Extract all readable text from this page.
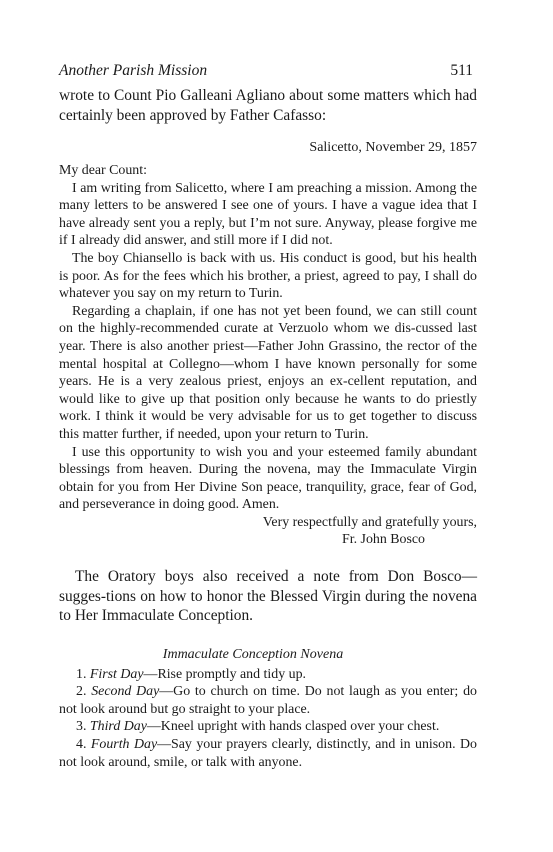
Another Parish Mission	511

wrote to Count Pio Galleani Agliano about some matters which had certainly been approved by Father Cafasso:

Salicetto, November 29, 1857
My dear Count:

I am writing from Salicetto, where I am preaching a mission. Among the many letters to be answered I see one of yours. I have a vague idea that I have already sent you a reply, but I’m not sure. Anyway, please forgive me if I already did answer, and still more if I did not.

The boy Chiansello is back with us. His conduct is good, but his health is poor. As for the fees which his brother, a priest, agreed to pay, I shall do whatever you say on my return to Turin.

Regarding a chaplain, if one has not yet been found, we can still count on the highly-recommended curate at Verzuolo whom we dis-cussed last year. There is also another priest—Father John Grassino, the rector of the mental hospital at Collegno—whom I have known personally for some years. He is a very zealous priest, enjoys an ex-cellent reputation, and would like to give up that position only because he wants to do priestly work. I think it would be very advisable for us to get together to discuss this matter further, if needed, upon your return to Turin.

I use this opportunity to wish you and your esteemed family abundant blessings from heaven. During the novena, may the Immaculate Virgin obtain for you from Her Divine Son peace, tranquility, grace, fear of God, and perseverance in doing good. Amen.

Very respectfully and gratefully yours,
Fr. John Bosco

The Oratory boys also received a note from Don Bosco—sugges-tions on how to honor the Blessed Virgin during the novena to Her Immaculate Conception.

Immaculate Conception Novena

1. First Day—Rise promptly and tidy up.

2. Second Day—Go to church on time. Do not laugh as you enter; do not look around but go straight to your place.

3. Third Day—Kneel upright with hands clasped over your chest.

4. Fourth Day—Say your prayers clearly, distinctly, and in unison. Do not look around, smile, or talk with anyone.
